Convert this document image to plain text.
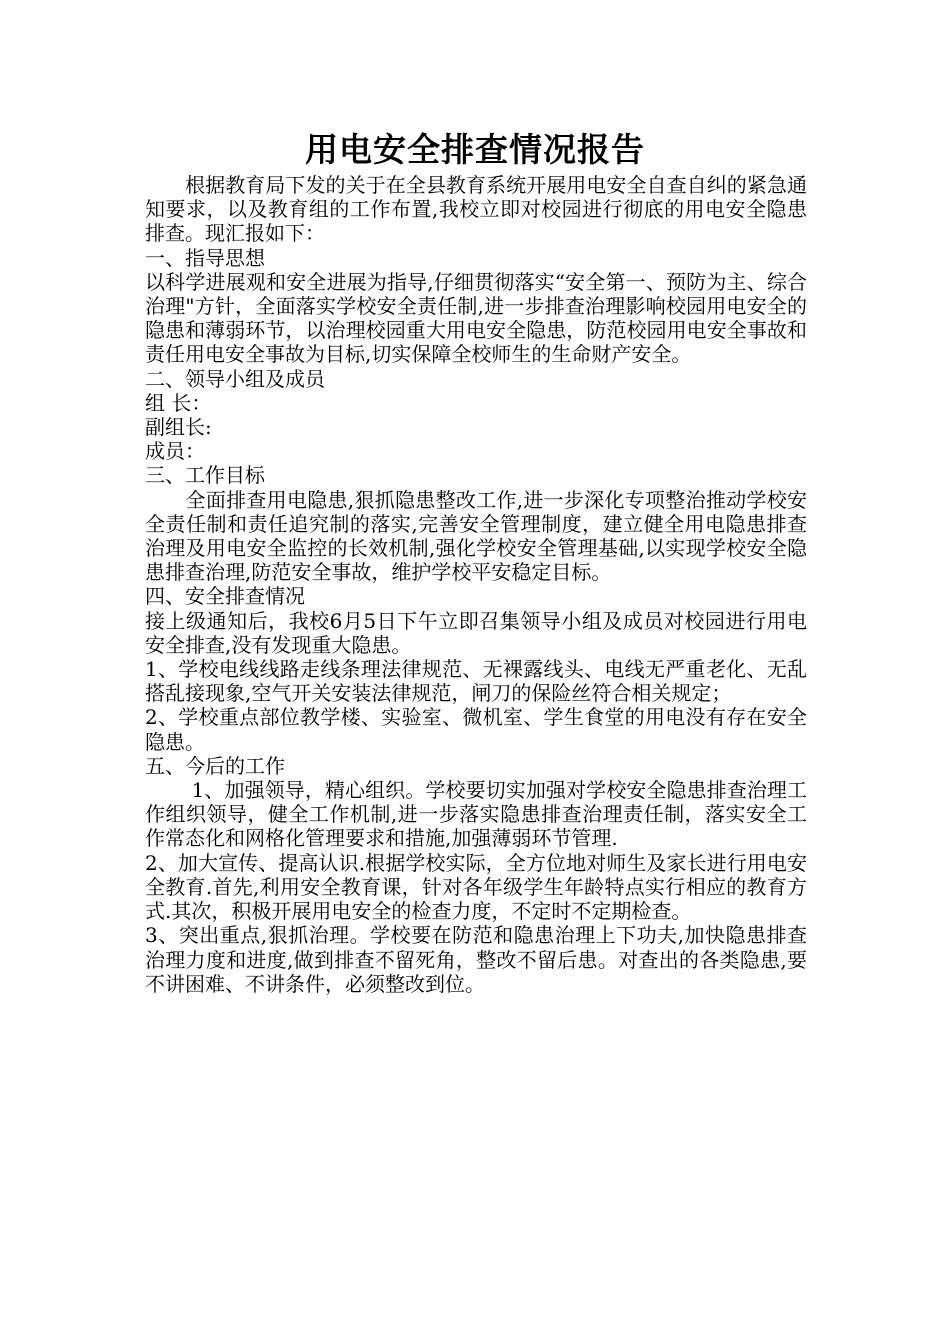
用电安全排查情况报告

　　根据教育局下发的关于在全县教育系统开展用电安全自查自纠的紧急通知要求，以及教育组的工作布置,我校立即对校园进行彻底的用电安全隐患排查。现汇报如下：

一、指导思想

以科学进展观和安全进展为指导,仔细贯彻落实“安全第一、预防为主、综合治理"方针，全面落实学校安全责任制,进一步排查治理影响校园用电安全的隐患和薄弱环节，以治理校园重大用电安全隐患，防范校园用电安全事故和责任用电安全事故为目标,切实保障全校师生的生命财产安全。

二、领导小组及成员

组 长：

副组长:

成员：

三、工作目标

　　全面排查用电隐患,狠抓隐患整改工作,进一步深化专项整治推动学校安全责任制和责任追究制的落实,完善安全管理制度，建立健全用电隐患排查治理及用电安全监控的长效机制,强化学校安全管理基础,以实现学校安全隐患排查治理,防范安全事故，维护学校平安稳定目标。

四、安全排查情况

接上级通知后，我校6月5日下午立即召集领导小组及成员对校园进行用电安全排查,没有发现重大隐患。

1、学校电线线路走线条理法律规范、无裸露线头、电线无严重老化、无乱搭乱接现象,空气开关安装法律规范，闸刀的保险丝符合相关规定；

2、学校重点部位教学楼、实验室、微机室、学生食堂的用电没有存在安全隐患。

五、今后的工作

　　 1、加强领导，精心组织。学校要切实加强对学校安全隐患排查治理工作组织领导，健全工作机制,进一步落实隐患排查治理责任制，落实安全工作常态化和网格化管理要求和措施,加强薄弱环节管理.

2、加大宣传、提高认识.根据学校实际，全方位地对师生及家长进行用电安全教育.首先,利用安全教育课，针对各年级学生年龄特点实行相应的教育方式.其次，积极开展用电安全的检查力度，不定时不定期检查。

3、突出重点,狠抓治理。学校要在防范和隐患治理上下功夫,加快隐患排查治理力度和进度,做到排查不留死角，整改不留后患。对查出的各类隐患,要不讲困难、不讲条件，必须整改到位。
